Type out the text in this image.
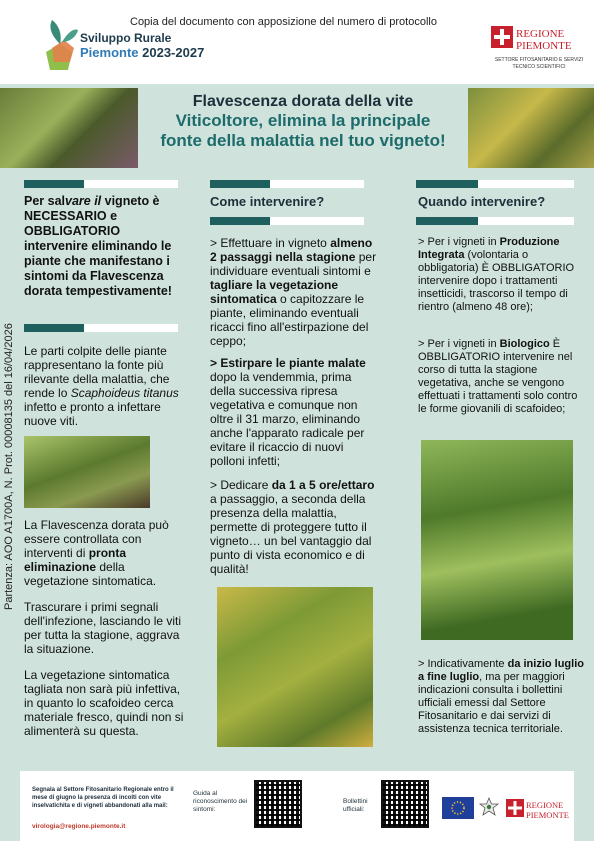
Copia del documento con apposizione del numero di protocollo
Sviluppo Rurale
Piemonte 2023-2027
REGIONE
PIEMONTE
SETTORE FITOSANITARIO E SERVIZI TECNICO SCIENTIFICI
Flavescenza dorata della vite
Viticoltore, elimina la principale
fonte della malattia nel tuo vigneto!
Partenza: AOO A1700A, N. Prot. 00008135 del 16/04/2026
Per salvare il vigneto è NECESSARIO e OBBLIGATORIO intervenire eliminando le piante che manifestano i sintomi da Flavescenza dorata tempestivamente!
Le parti colpite delle piante rappresentano la fonte più rilevante della malattia, che rende lo Scaphoideus titanus infetto e pronto a infettare nuove viti.
La Flavescenza dorata può essere controllata con interventi di pronta eliminazione della vegetazione sintomatica.
Trascurare i primi segnali dell'infezione, lasciando le viti per tutta la stagione, aggrava la situazione.
La vegetazione sintomatica tagliata non sarà più infettiva, in quanto lo scafoideo cerca materiale fresco, quindi non si alimenterà su questa.
Come intervenire?
> Effettuare in vigneto almeno 2 passaggi nella stagione per individuare eventuali sintomi e tagliare la vegetazione sintomatica o capitozzare le piante, eliminando eventuali ricacci fino all'estirpazione del ceppo;
> Estirpare le piante malate dopo la vendemmia, prima della successiva ripresa vegetativa e comunque non oltre il 31 marzo, eliminando anche l'apparato radicale per evitare il ricaccio di nuovi polloni infetti;
> Dedicare da 1 a 5 ore/ettaro a passaggio, a seconda della presenza della malattia, permette di proteggere tutto il vigneto… un bel vantaggio dal punto di vista economico e di qualità!
Quando intervenire?
> Per i vigneti in Produzione Integrata (volontaria o obbligatoria) È OBBLIGATORIO intervenire dopo i trattamenti insetticidi, trascorso il tempo di rientro (almeno 48 ore);
> Per i vigneti in Biologico È OBBLIGATORIO intervenire nel corso di tutta la stagione vegetativa, anche se vengono effettuati i trattamenti solo contro le forme giovanili di scafoideo;
> Indicativamente da inizio luglio a fine luglio, ma per maggiori indicazioni consulta i bollettini ufficiali emessi dal Settore Fitosanitario e dai servizi di assistenza tecnica territoriale.
Segnala al Settore Fitosanitario Regionale entro il mese di giugno la presenza di incolti con vite inselvatichita e di vigneti abbandonati alla mail:
virologia@regione.piemonte.it
Guida al riconoscimento dei sintomi:
Bollettini ufficiali:	REGIONE
PIEMONTE
